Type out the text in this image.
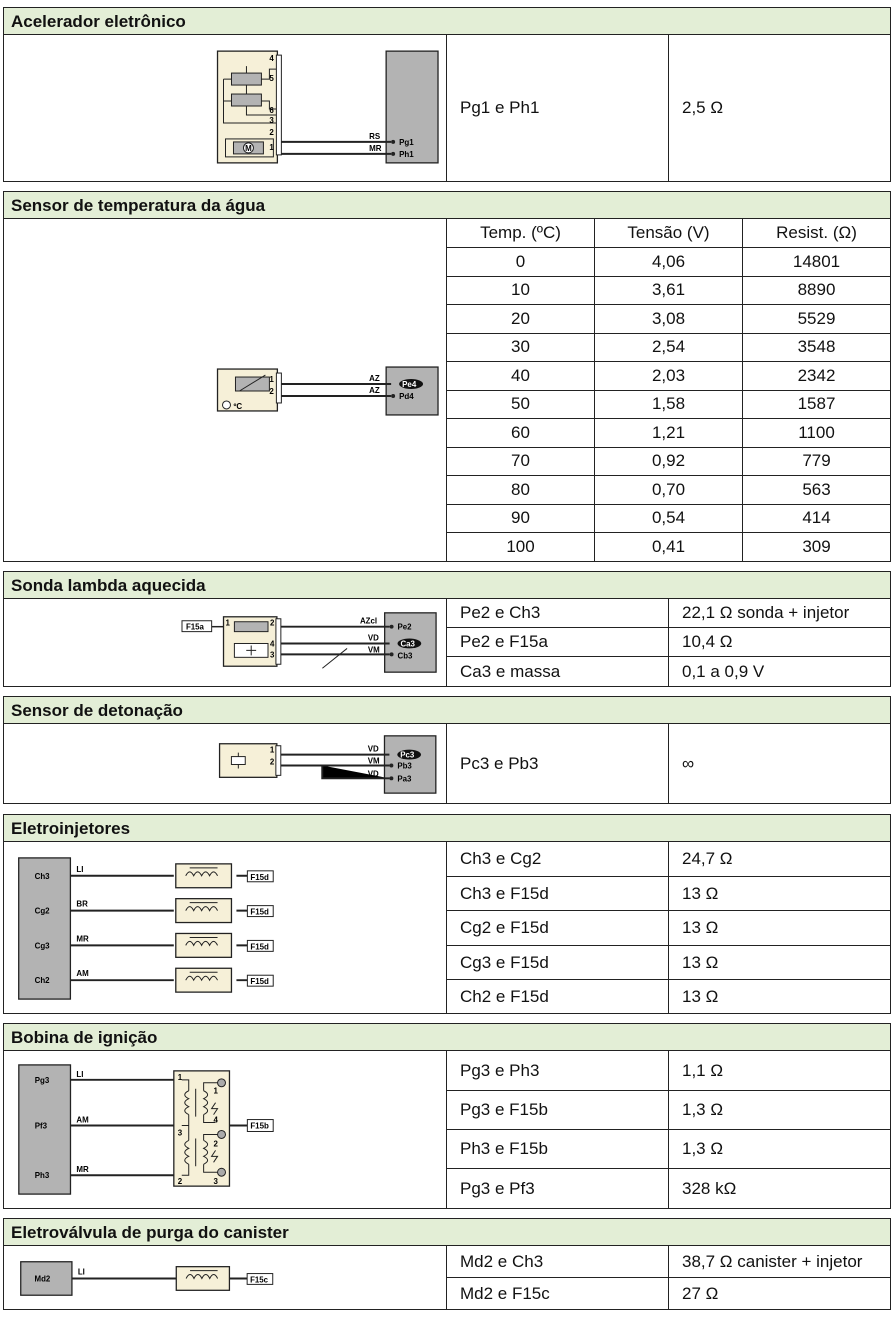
Acelerador eletrônico
M
4
5
6
3
2
1
RS
MR
Pg1
Ph1
Pg1 e Ph1	2,5 Ω
Sensor de temperatura da água
ºC
1
2
AZ
AZ
Pe4
Pd4
Temp. (ºC)	Tensão (V)	Resist. (Ω)
0	4,06	14801
10	3,61	8890
20	3,08	5529
30	2,54	3548
40	2,03	2342
50	1,58	1587
60	1,21	1100
70	0,92	779
80	0,70	563
90	0,54	414
100	0,41	309
Sonda lambda aquecida
F15a	1	2
4
3
AZcl
VD
VM
Pe2
Ca3
Cb3
Pe2 e Ch3	22,1 Ω sonda + injetor
Pe2 e F15a	10,4 Ω
Ca3 e massa	0,1 a 0,9 V
Sensor de detonação
1
2
VD
VM
VD
Pc3
Pb3
Pa3
Pc3 e Pb3	∞
Eletroinjetores
Ch3
Cg2
Cg3
Ch2
LI
BR
MR
AM
F15d
F15d
F15d
F15d
Ch3 e Cg2	24,7 Ω
Ch3 e F15d	13 Ω
Cg2 e F15d	13 Ω
Cg3 e F15d	13 Ω
Ch2 e F15d	13 Ω
Bobina de ignição
Pg3
Pf3
Ph3
LI
AM
MR
1
3
2
1
4
2
3
F15b
Pg3 e Ph3	1,1 Ω
Pg3 e F15b	1,3 Ω
Ph3 e F15b	1,3 Ω
Pg3 e Pf3	328 kΩ
Eletroválvula de purga do canister
Md2
LI
F15c
Md2 e Ch3	38,7 Ω canister + injetor
Md2 e F15c	27 Ω
